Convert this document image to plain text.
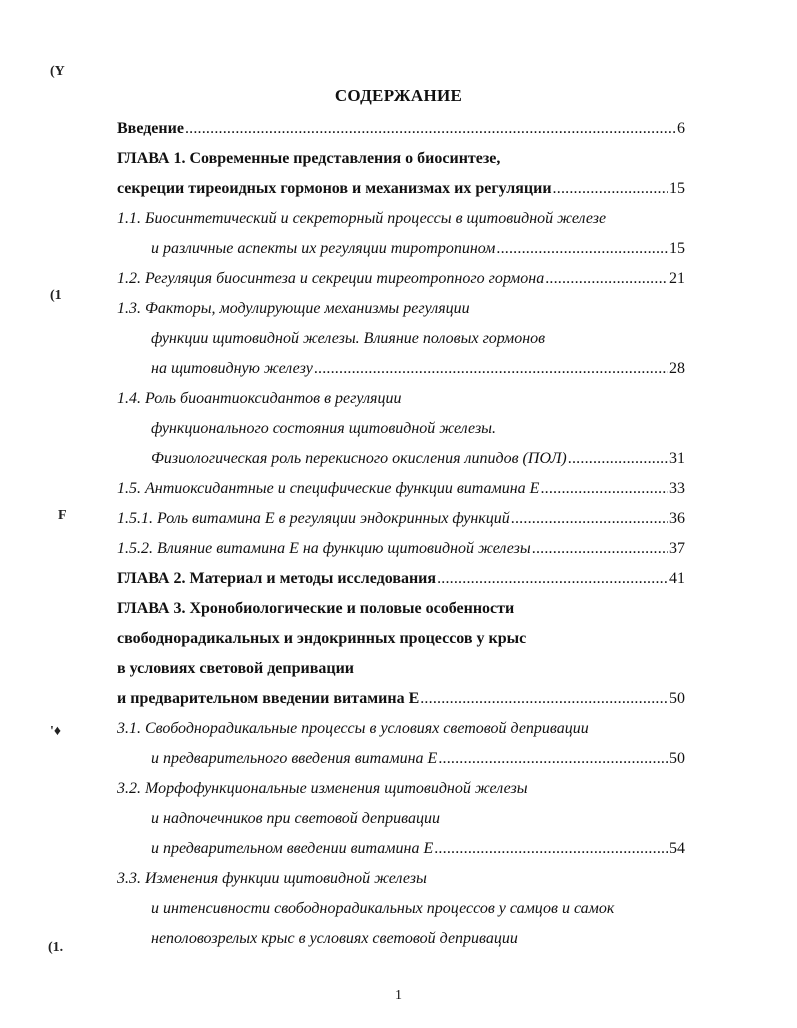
(Y
(1
F
'♦
(1.
СОДЕРЖАНИЕ
Введение .....	6
ГЛАВА 1. Современные представления о биосинтезе,
секреции тиреоидных гормонов и механизмах их регуляции .....	15
1.1. Биосинтетический и секреторный процессы в щитовидной железе
и различные аспекты их регуляции тиротропином .....	15
1.2. Регуляция биосинтеза и секреции тиреотропного гормона .....	21
1.3. Факторы, модулирующие механизмы регуляции
функции щитовидной железы. Влияние половых гормонов
на щитовидную железу .....	28
1.4. Роль биоантиоксидантов в регуляции
функционального состояния щитовидной железы.
Физиологическая роль перекисного окисления липидов (ПОЛ) .....	31
1.5. Антиоксидантные и специфические функции витамина Е .....	33
1.5.1. Роль витамина Е в регуляции эндокринных функций .....	36
1.5.2. Влияние витамина Е на функцию щитовидной железы .....	37
ГЛАВА 2. Материал и методы исследования .....	41
ГЛАВА 3. Хронобиологические и половые особенности
свободнорадикальных и эндокринных процессов у крыс
в условиях световой депривации
и предварительном введении витамина Е .....	50
3.1. Свободнорадикальные процессы в условиях световой депривации
и предварительного введения витамина Е .....	50
3.2. Морфофункциональные изменения щитовидной железы
и надпочечников при световой депривации
и предварительном введении витамина Е .....	54
3.3. Изменения функции щитовидной железы
и интенсивности свободнорадикальных процессов у самцов и самок
неполовозрелых крыс в условиях световой депривации
1
